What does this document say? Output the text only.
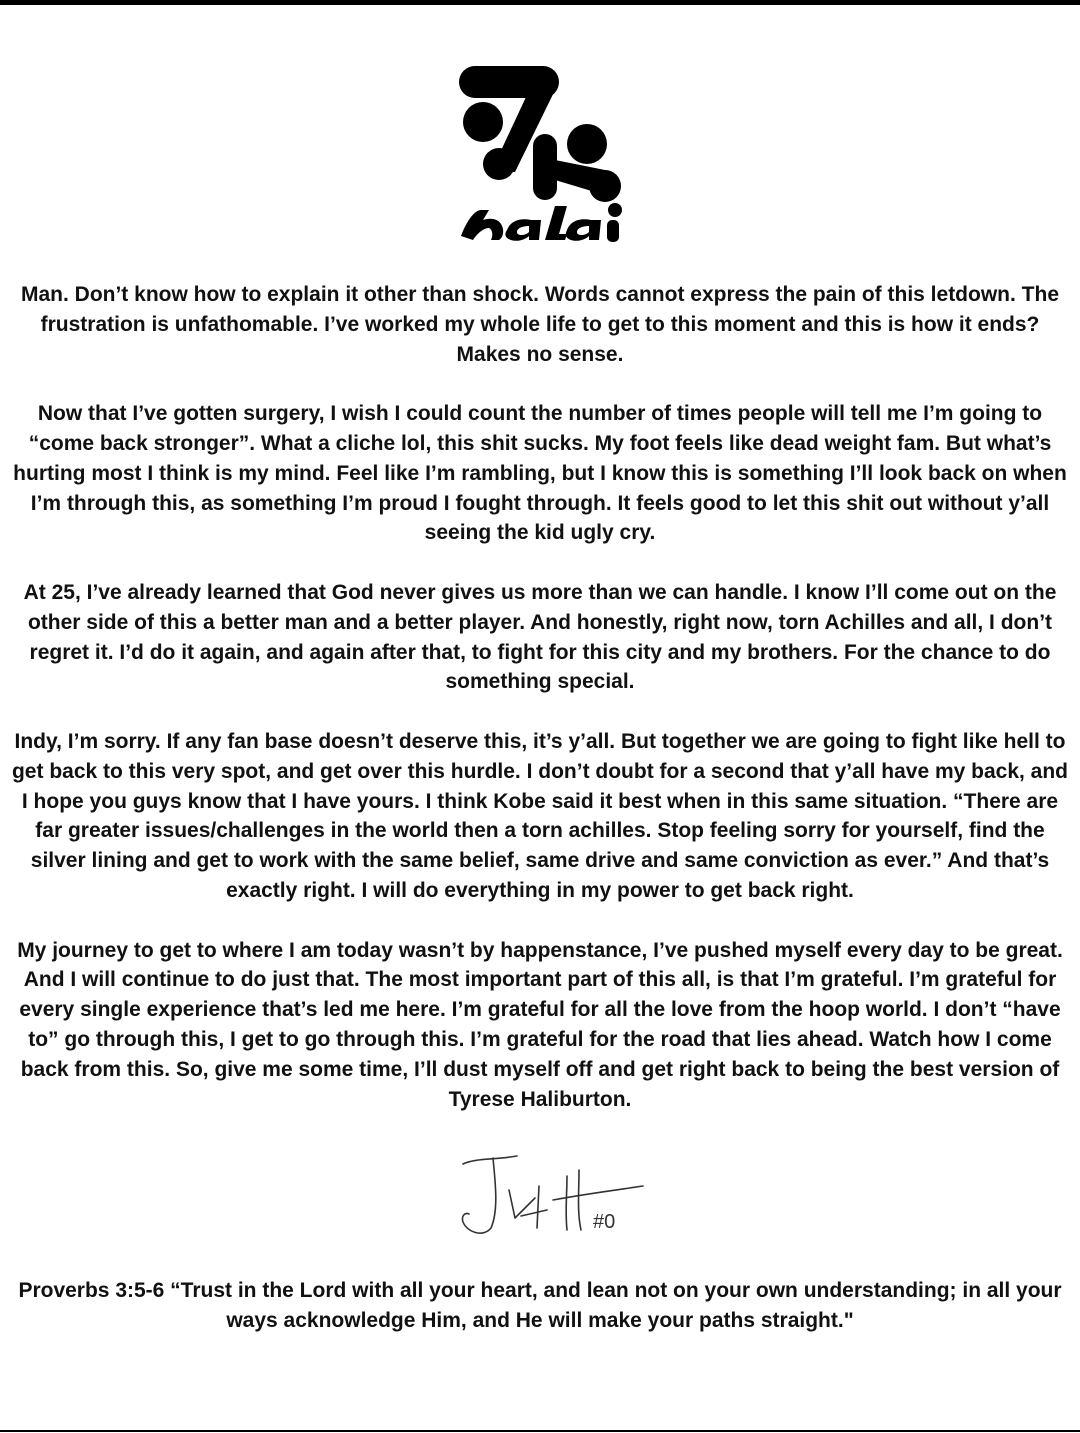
Man. Don’t know how to explain it other than shock. Words cannot express the pain of this letdown. The frustration is unfathomable. I’ve worked my whole life to get to this moment and this is how it ends? Makes no sense.

Now that I’ve gotten surgery, I wish I could count the number of times people will tell me I’m going to “come back stronger”. What a cliche lol, this shit sucks. My foot feels like dead weight fam. But what’s hurting most I think is my mind. Feel like I’m rambling, but I know this is something I’ll look back on when I’m through this, as something I’m proud I fought through. It feels good to let this shit out without y’all seeing the kid ugly cry.

At 25, I’ve already learned that God never gives us more than we can handle. I know I’ll come out on the other side of this a better man and a better player. And honestly, right now, torn Achilles and all, I don’t regret it. I’d do it again, and again after that, to fight for this city and my brothers. For the chance to do something special.

Indy, I’m sorry. If any fan base doesn’t deserve this, it’s y’all. But together we are going to fight like hell to get back to this very spot, and get over this hurdle. I don’t doubt for a second that y’all have my back, and I hope you guys know that I have yours. I think Kobe said it best when in this same situation. “There are far greater issues/challenges in the world then a torn achilles. Stop feeling sorry for yourself, find the silver lining and get to work with the same belief, same drive and same conviction as ever.” And that’s exactly right. I will do everything in my power to get back right.

My journey to get to where I am today wasn’t by happenstance, I’ve pushed myself every day to be great. And I will continue to do just that. The most important part of this all, is that I’m grateful. I’m grateful for every single experience that’s led me here. I’m grateful for all the love from the hoop world. I don’t “have to” go through this, I get to go through this. I’m grateful for the road that lies ahead. Watch how I come back from this. So, give me some time, I’ll dust myself off and get right back to being the best version of Tyrese Haliburton.

#0

Proverbs 3:5-6 “Trust in the Lord with all your heart, and lean not on your own understanding; in all your ways acknowledge Him, and He will make your paths straight."
